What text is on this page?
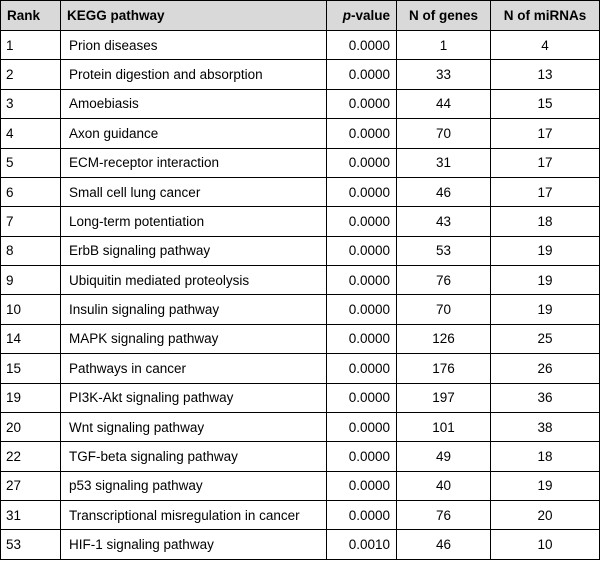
Rank	KEGG pathway	p-value	N of genes	N of miRNAs
1	Prion diseases	0.0000	1	4
2	Protein digestion and absorption	0.0000	33	13
3	Amoebiasis	0.0000	44	15
4	Axon guidance	0.0000	70	17
5	ECM-receptor interaction	0.0000	31	17
6	Small cell lung cancer	0.0000	46	17
7	Long-term potentiation	0.0000	43	18
8	ErbB signaling pathway	0.0000	53	19
9	Ubiquitin mediated proteolysis	0.0000	76	19
10	Insulin signaling pathway	0.0000	70	19
14	MAPK signaling pathway	0.0000	126	25
15	Pathways in cancer	0.0000	176	26
19	PI3K-Akt signaling pathway	0.0000	197	36
20	Wnt signaling pathway	0.0000	101	38
22	TGF-beta signaling pathway	0.0000	49	18
27	p53 signaling pathway	0.0000	40	19
31	Transcriptional misregulation in cancer	0.0000	76	20
53	HIF-1 signaling pathway	0.0010	46	10
